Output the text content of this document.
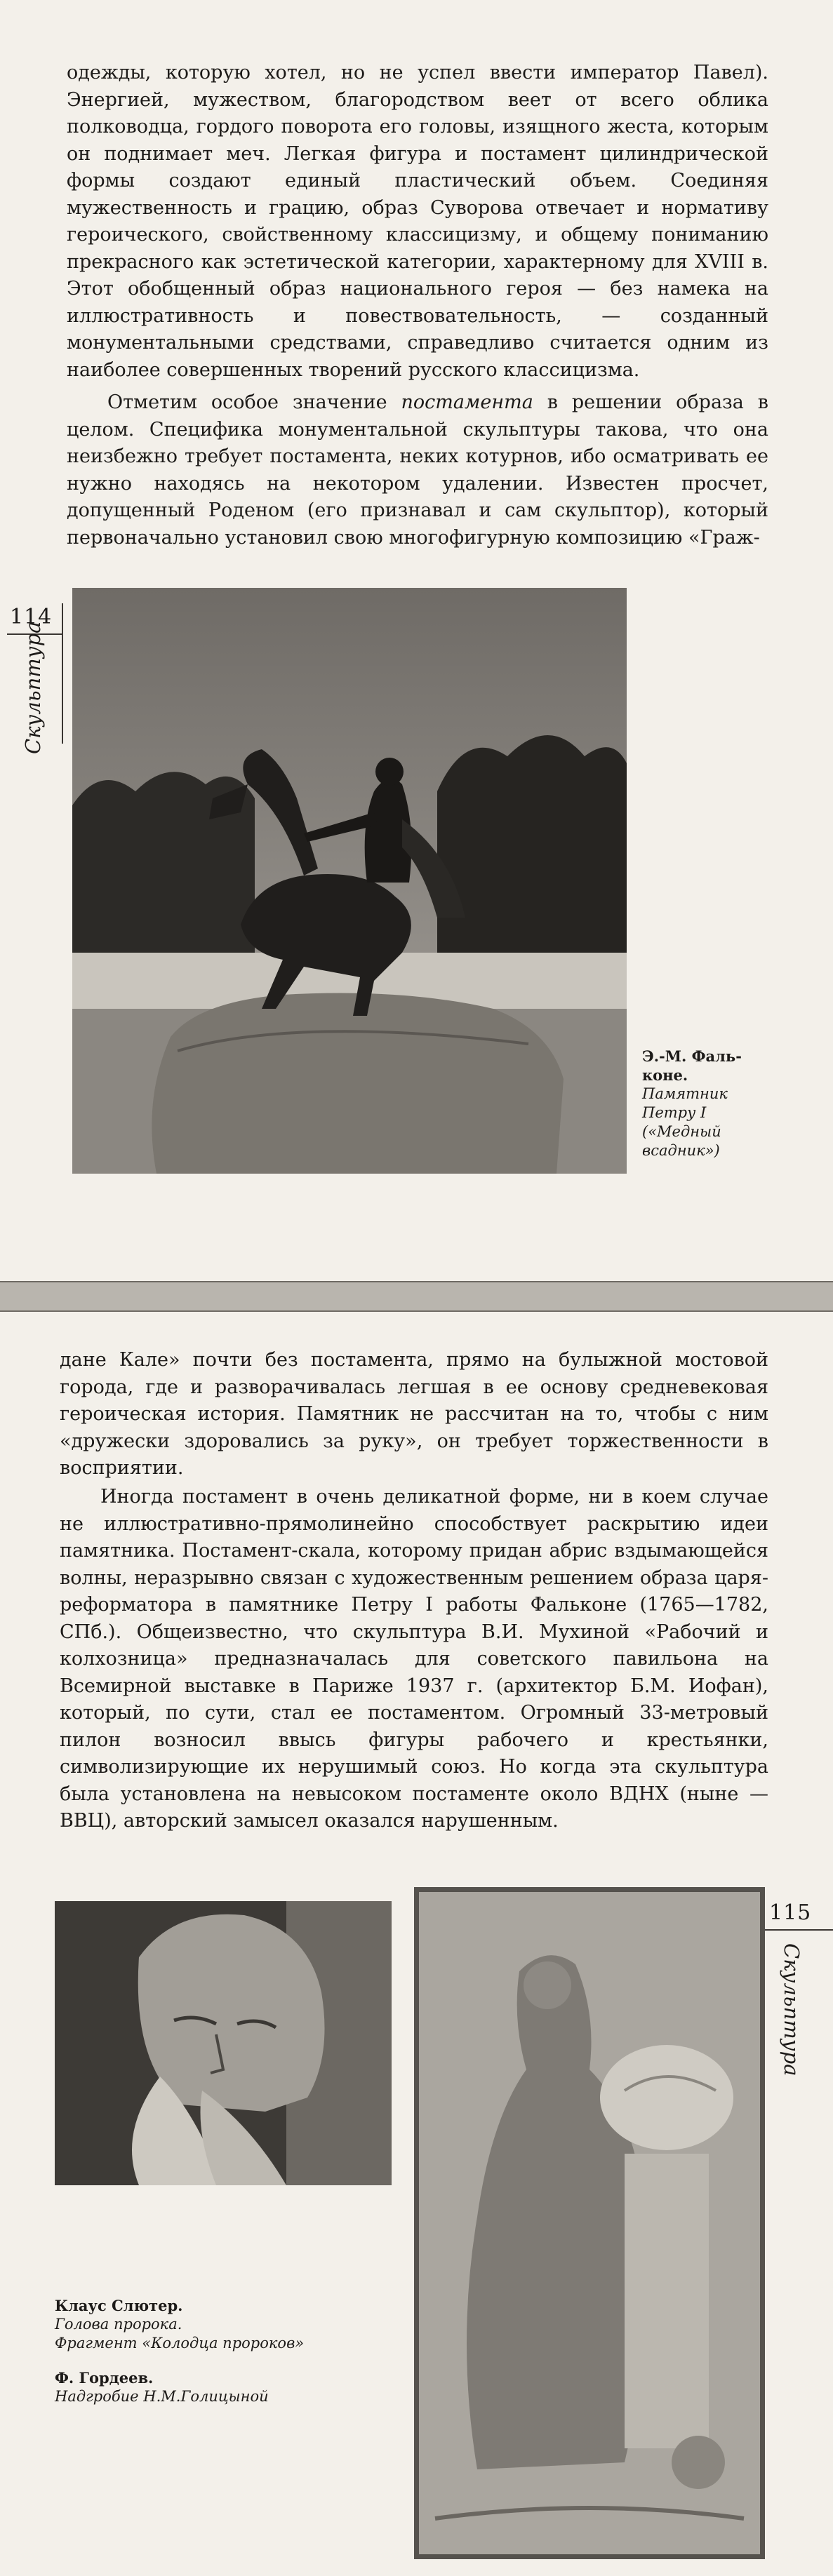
одежды, которую хотел, но не успел ввести император Павел). Энергией, мужеством, благородством веет от всего облика полководца, гордого поворота его головы, изящного жеста, которым он поднимает меч. Легкая фигура и постамент цилиндрической формы создают единый пластический объем. Соединяя мужественность и грацию, образ Суворова отвечает и нормативу героического, свойственному классицизму, и общему пониманию прекрасного как эстетической категории, характерному для XVIII в. Этот обобщенный образ национального героя — без намека на иллюстративность и повествовательность, — созданный монументальными средствами, справедливо считается одним из наиболее совершенных творений русского классицизма.

Отметим особое значение постамента в решении образа в целом. Специфика монументальной скульптуры такова, что она неизбежно требует постамента, неких котурнов, ибо осматривать ее нужно находясь на некотором удалении. Известен просчет, допущенный Роденом (его признавал и сам скульптор), который первоначально установил свою многофигурную композицию «Граж-

114
Скульптура
Э.-М. Фаль-кoне.
Памятник Петру I («Медный всадник»)

дане Кале» почти без постамента, прямо на булыжной мостовой города, где и разворачивалась легшая в ее основу средневековая героическая история. Памятник не рассчитан на то, чтобы с ним «дружески здоровались за руку», он требует торжественности в восприятии.

Иногда постамент в очень деликатной форме, ни в коем случае не иллюстративно-прямолинейно способствует раскрытию идеи памятника. Постамент-скала, которому придан абрис вздымающейся волны, неразрывно связан с художественным решением образа царя-реформатора в памятнике Петру I работы Фальконе (1765—1782, СПб.). Общеизвестно, что скульптура В.И. Мухиной «Рабочий и колхозница» предназначалась для советского павильона на Всемирной выставке в Париже 1937 г. (архитектор Б.М. Иофан), который, по сути, стал ее постаментом. Огромный 33-метровый пилон возносил ввысь фигуры рабочего и крестьянки, символизирующие их нерушимый союз. Но когда эта скульптура была установлена на невысоком постаменте около ВДНХ (ныне — ВВЦ), авторский замысел оказался нарушенным.

115
Скульптура
Клаус Слютер.
Голова пророка.
Фрагмент «Колодца пророков»
Ф. Гордеев.
Надгробие Н.М.Голицыной
